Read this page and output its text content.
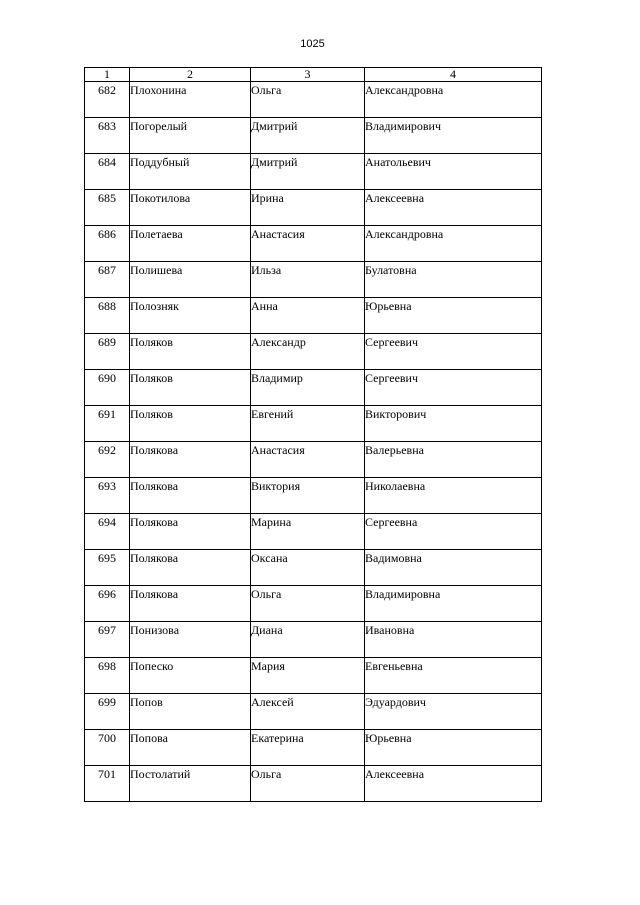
1025
1	2	3	4
682	Плохонина	Ольга	Александровна
683	Погорелый	Дмитрий	Владимирович
684	Поддубный	Дмитрий	Анатольевич
685	Покотилова	Ирина	Алексеевна
686	Полетаева	Анастасия	Александровна
687	Полишева	Ильза	Булатовна
688	Полозняк	Анна	Юрьевна
689	Поляков	Александр	Сергеевич
690	Поляков	Владимир	Сергеевич
691	Поляков	Евгений	Викторович
692	Полякова	Анастасия	Валерьевна
693	Полякова	Виктория	Николаевна
694	Полякова	Марина	Сергеевна
695	Полякова	Оксана	Вадимовна
696	Полякова	Ольга	Владимировна
697	Понизова	Диана	Ивановна
698	Попеско	Мария	Евгеньевна
699	Попов	Алексей	Эдуардович
700	Попова	Екатерина	Юрьевна
701	Постолатий	Ольга	Алексеевна
